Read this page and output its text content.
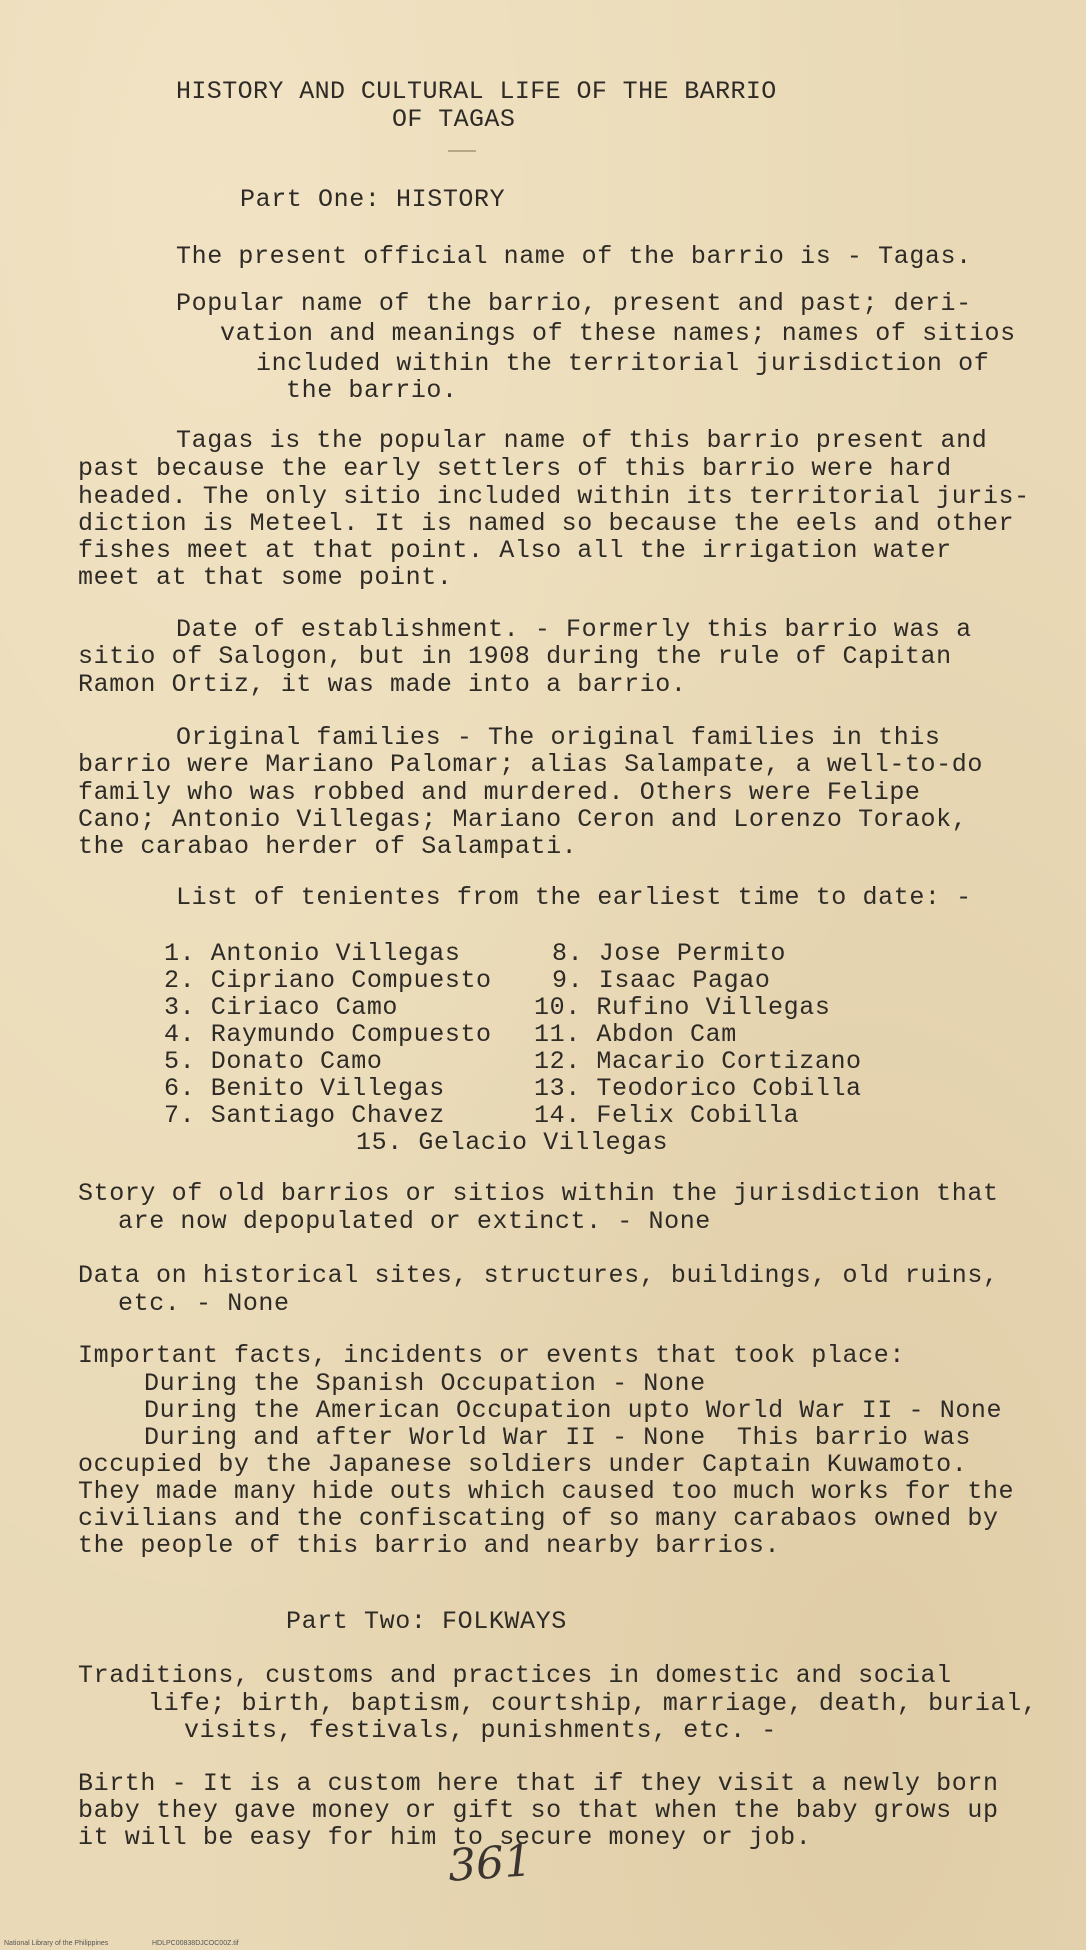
HISTORY AND CULTURAL LIFE OF THE BARRIO
OF TAGAS
Part One: HISTORY
The present official name of the barrio is - Tagas.
Popular name of the barrio, present and past; deri-
vation and meanings of these names; names of sitios
included within the territorial jurisdiction of
the barrio.
Tagas is the popular name of this barrio present and
past because the early settlers of this barrio were hard
headed. The only sitio included within its territorial juris-
diction is Meteel. It is named so because the eels and other
fishes meet at that point. Also all the irrigation water
meet at that some point.
Date of establishment. - Formerly this barrio was a
sitio of Salogon, but in 1908 during the rule of Capitan
Ramon Ortiz, it was made into a barrio.
Original families - The original families in this
barrio were Mariano Palomar; alias Salampate, a well-to-do
family who was robbed and murdered. Others were Felipe
Cano; Antonio Villegas; Mariano Ceron and Lorenzo Toraok,
the carabao herder of Salampati.
List of tenientes from the earliest time to date: -
1. Antonio Villegas
2. Cipriano Compuesto
3. Ciriaco Camo
4. Raymundo Compuesto
5. Donato Camo
6. Benito Villegas
7. Santiago Chavez
8. Jose Permito
9. Isaac Pagao
10. Rufino Villegas
11. Abdon Cam
12. Macario Cortizano
13. Teodorico Cobilla
14. Felix Cobilla
15. Gelacio Villegas
Story of old barrios or sitios within the jurisdiction that
are now depopulated or extinct. - None
Data on historical sites, structures, buildings, old ruins,
etc. - None
Important facts, incidents or events that took place:
During the Spanish Occupation - None
During the American Occupation upto World War II - None
During and after World War II - None  This barrio was
occupied by the Japanese soldiers under Captain Kuwamoto.
They made many hide outs which caused too much works for the
civilians and the confiscating of so many carabaos owned by
the people of this barrio and nearby barrios.
Part Two: FOLKWAYS
Traditions, customs and practices in domestic and social
life; birth, baptism, courtship, marriage, death, burial,
visits, festivals, punishments, etc. -
Birth - It is a custom here that if they visit a newly born
baby they gave money or gift so that when the baby grows up
it will be easy for him to secure money or job.
361
National Library of the Philippines	HDLPC00838DJCOC00Z.tif
